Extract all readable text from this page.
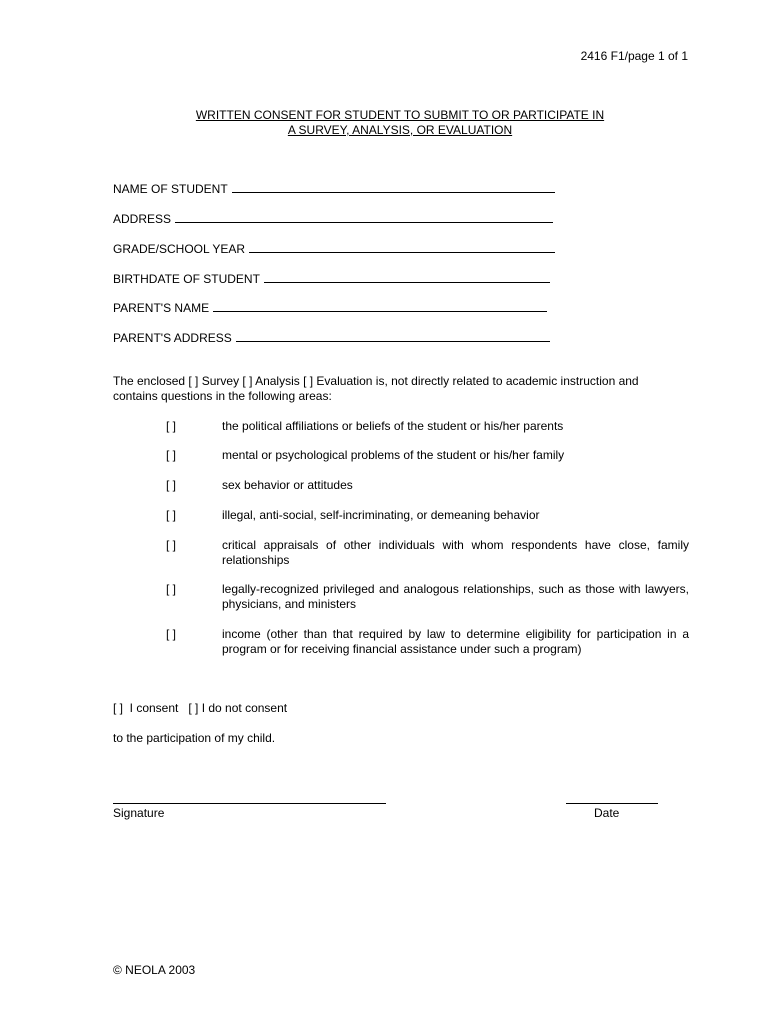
2416 F1/page 1 of 1
WRITTEN CONSENT FOR STUDENT TO SUBMIT TO OR PARTICIPATE IN
A SURVEY, ANALYSIS, OR EVALUATION
NAME OF STUDENT
ADDRESS
GRADE/SCHOOL YEAR
BIRTHDATE OF STUDENT
PARENT'S NAME
PARENT'S ADDRESS
The enclosed [ ] Survey [ ] Analysis [ ] Evaluation is, not directly related to academic instruction and
contains questions in the following areas:
[ ]	the political affiliations or beliefs of the student or his/her parents
[ ]	mental or psychological problems of the student or his/her family
[ ]	sex behavior or attitudes
[ ]	illegal, anti-social, self-incriminating, or demeaning behavior
[ ]	critical appraisals of other individuals with whom respondents have close, family relationships
[ ]	legally-recognized privileged and analogous relationships, such as those with lawyers, physicians, and ministers
[ ]	income (other than that required by law to determine eligibility for participation in a program or for receiving financial assistance under such a program)
[ ]  I consent   [ ] I do not consent
to the participation of my child.
Signature	Date
© NEOLA 2003
